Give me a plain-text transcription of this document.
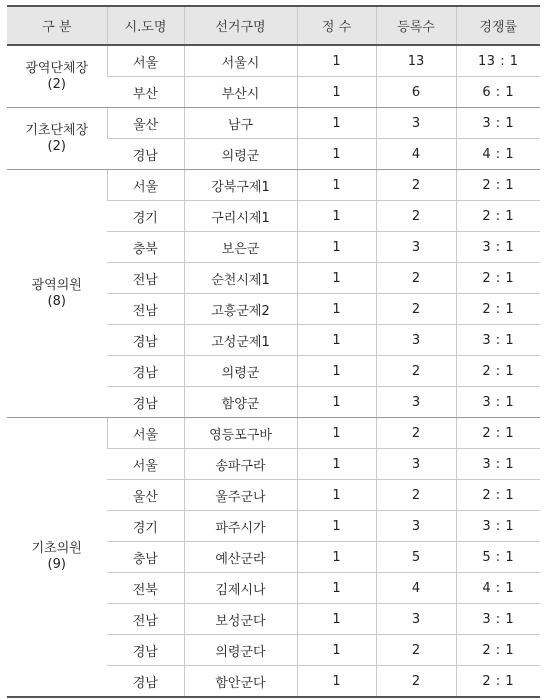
구 분	시.도명	선거구명	정 수	등록수	경쟁률

광역단체장
(2)	서울	서울시	1	13	13 : 1
	부산	부산시	1	6	6 : 1

기초단체장
(2)	울산	남구	1	3	3 : 1
	경남	의령군	1	4	4 : 1

광역의원
(8)	서울	강북구제1	1	2	2 : 1
	경기	구리시제1	1	2	2 : 1
	충북	보은군	1	3	3 : 1
	전남	순천시제1	1	2	2 : 1
	전남	고흥군제2	1	2	2 : 1
	경남	고성군제1	1	3	3 : 1
	경남	의령군	1	2	2 : 1
	경남	함양군	1	3	3 : 1

기초의원
(9)	서울	영등포구바	1	2	2 : 1
	서울	송파구라	1	3	3 : 1
	울산	울주군나	1	2	2 : 1
	경기	파주시가	1	3	3 : 1
	충남	예산군라	1	5	5 : 1
	전북	김제시나	1	4	4 : 1
	전남	보성군다	1	3	3 : 1
	경남	의령군다	1	2	2 : 1
	경남	함안군다	1	2	2 : 1
